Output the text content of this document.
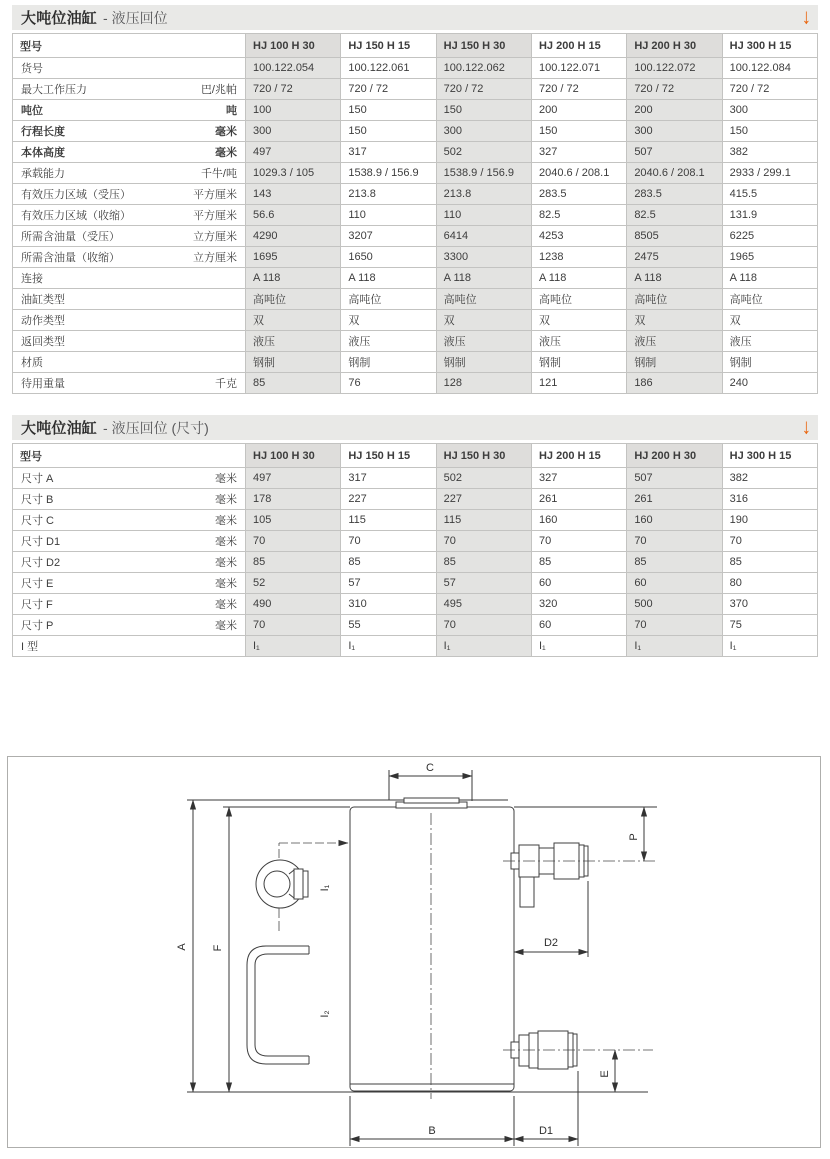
大吨位油缸 - 液压回位	↓
型号	HJ 100 H 30	HJ 150 H 15	HJ 150 H 30	HJ 200 H 15	HJ 200 H 30	HJ 300 H 15

货号	100.122.054	100.122.061	100.122.062	100.122.071	100.122.072	100.122.084

最大工作压力 巴/兆帕	720 / 72	720 / 72	720 / 72	720 / 72	720 / 72	720 / 72

吨位 吨	100	150	150	200	200	300

行程长度 毫米	300	150	300	150	300	150

本体高度 毫米	497	317	502	327	507	382

承载能力 千牛/吨	1029.3 / 105	1538.9 / 156.9	1538.9 / 156.9	2040.6 / 208.1	2040.6 / 208.1	2933 / 299.1

有效压力区域（受压） 平方厘米	143	213.8	213.8	283.5	283.5	415.5

有效压力区域（收缩） 平方厘米	56.6	110	110	82.5	82.5	131.9

所需含油量（受压） 立方厘米	4290	3207	6414	4253	8505	6225

所需含油量（收缩） 立方厘米	1695	1650	3300	1238	2475	1965

连接	A 118	A 118	A 118	A 118	A 118	A 118

油缸类型	高吨位	高吨位	高吨位	高吨位	高吨位	高吨位

动作类型	双	双	双	双	双	双

返回类型	液压	液压	液压	液压	液压	液压

材质	钢制	钢制	钢制	钢制	钢制	钢制

待用重量 千克	85	76	128	121	186	240
大吨位油缸 - 液压回位 (尺寸)	↓
型号	HJ 100 H 30	HJ 150 H 15	HJ 150 H 30	HJ 200 H 15	HJ 200 H 30	HJ 300 H 15

尺寸 A 毫米	497	317	502	327	507	382

尺寸 B 毫米	178	227	227	261	261	316

尺寸 C 毫米	105	115	115	160	160	190

尺寸 D1 毫米	70	70	70	70	70	70

尺寸 D2 毫米	85	85	85	85	85	85

尺寸 E 毫米	52	57	57	60	60	80

尺寸 F 毫米	490	310	495	320	500	370

尺寸 P 毫米	70	55	70	60	70	75

I 型	I₁	I₁	I₁	I₁	I₁	I₁
I₁
I₂
C
A F
P
D2
E
B	D1
